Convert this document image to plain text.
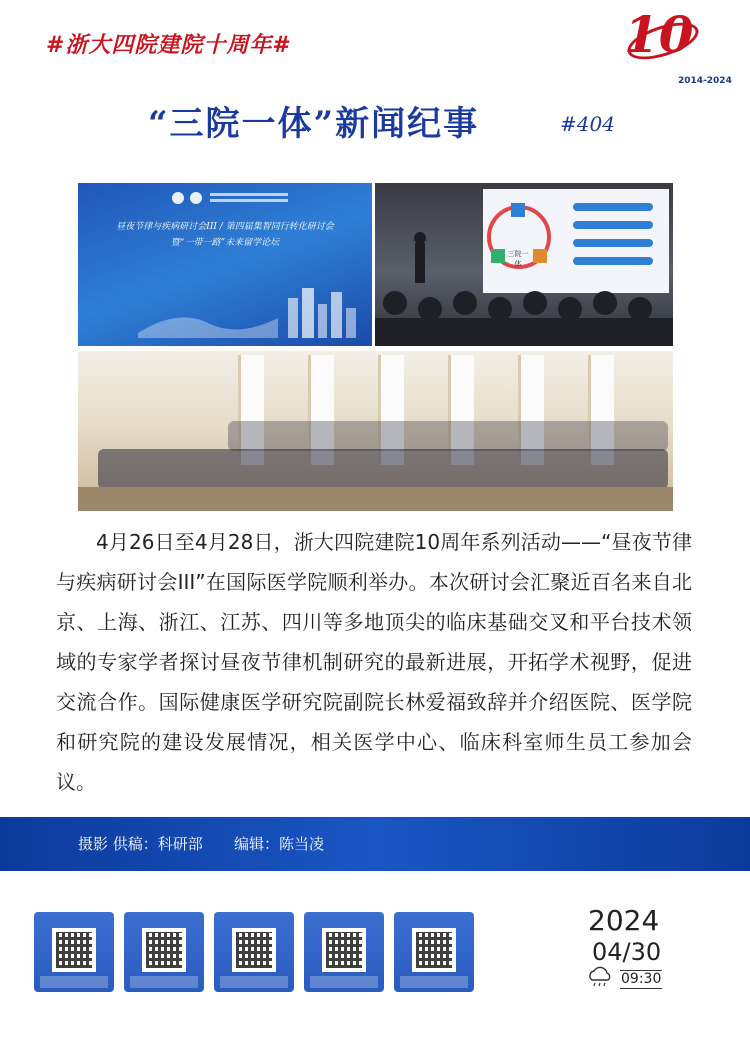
#浙大四院建院十周年#	10
2014-2024
“三院一体”新闻纪事	#404
昼夜节律与疾病研讨会III / 第四届集智同行转化研讨会
暨“一带一路”未来留学论坛
三院一体
4月26日至4月28日，浙大四院建院10周年系列活动——“昼夜节律与疾病研讨会III”在国际医学院顺利举办。本次研讨会汇聚近百名来自北京、上海、浙江、江苏、四川等多地顶尖的临床基础交叉和平台技术领域的专家学者探讨昼夜节律机制研究的最新进展，开拓学术视野，促进交流合作。国际健康医学研究院副院长林爱福致辞并介绍医院、医学院和研究院的建设发展情况，相关医学中心、临床科室师生员工参加会议。
摄影 供稿：科研部 编辑：陈当凌
2024
04/30
09:30
